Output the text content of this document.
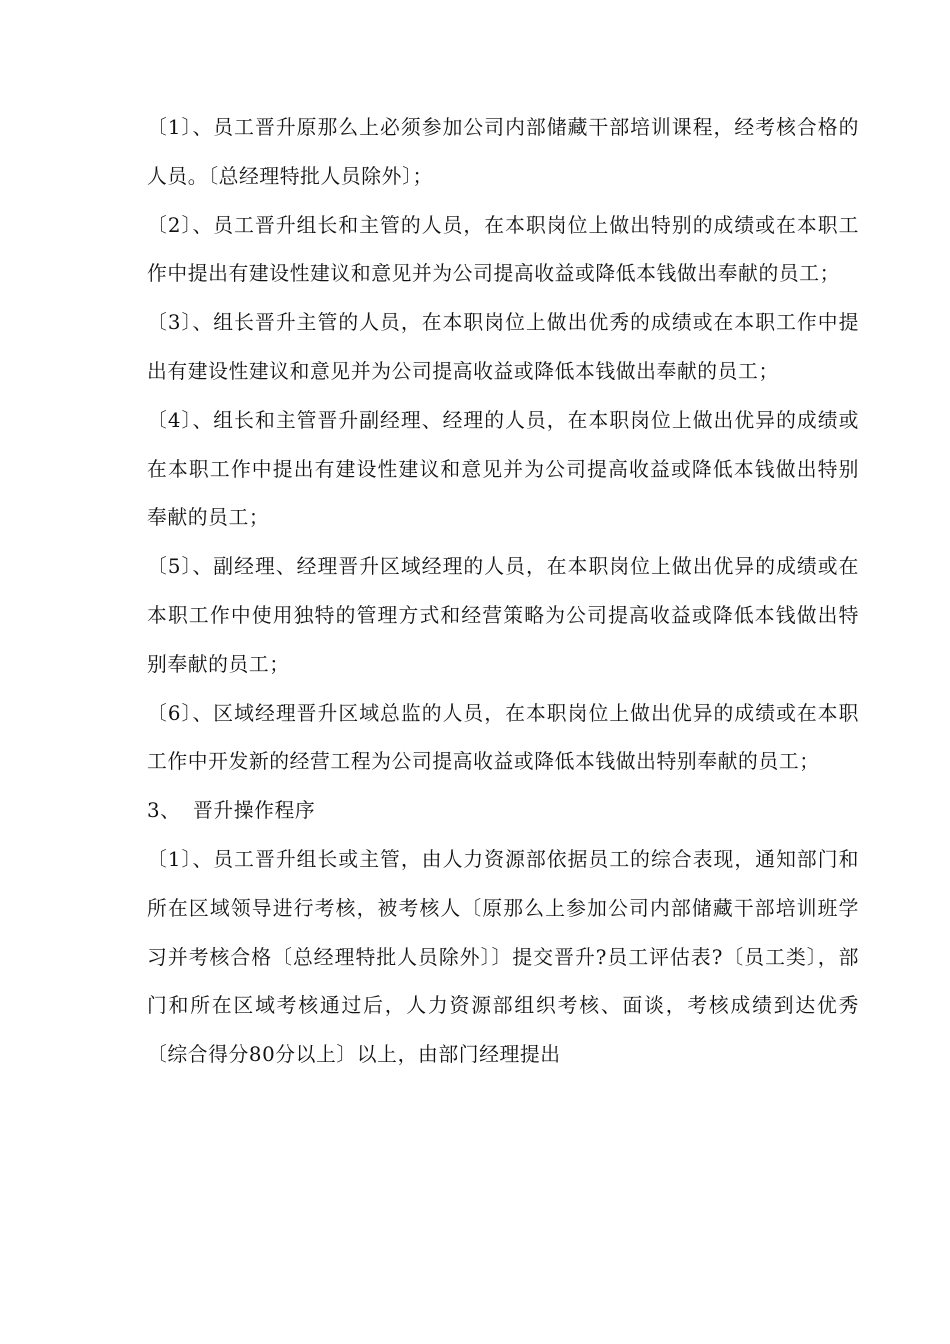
〔1〕、员工晋升原那么上必须参加公司内部储藏干部培训课程，经考核合格的人员。〔总经理特批人员除外〕；

〔2〕、员工晋升组长和主管的人员，在本职岗位上做出特别的成绩或在本职工作中提出有建设性建议和意见并为公司提高收益或降低本钱做出奉献的员工；

〔3〕、组长晋升主管的人员，在本职岗位上做出优秀的成绩或在本职工作中提出有建设性建议和意见并为公司提高收益或降低本钱做出奉献的员工；

〔4〕、组长和主管晋升副经理、经理的人员，在本职岗位上做出优异的成绩或在本职工作中提出有建设性建议和意见并为公司提高收益或降低本钱做出特别奉献的员工；

〔5〕、副经理、经理晋升区域经理的人员，在本职岗位上做出优异的成绩或在本职工作中使用独特的管理方式和经营策略为公司提高收益或降低本钱做出特别奉献的员工；

〔6〕、区域经理晋升区域总监的人员，在本职岗位上做出优异的成绩或在本职工作中开发新的经营工程为公司提高收益或降低本钱做出特别奉献的员工；

3、 晋升操作程序

〔1〕、员工晋升组长或主管，由人力资源部依据员工的综合表现，通知部门和所在区域领导进行考核，被考核人〔原那么上参加公司内部储藏干部培训班学习并考核合格〔总经理特批人员除外〕〕提交晋升?员工评估表?〔员工类〕，部门和所在区域考核通过后，人力资源部组织考核、面谈，考核成绩到达优秀〔综合得分80分以上〕以上，由部门经理提出
